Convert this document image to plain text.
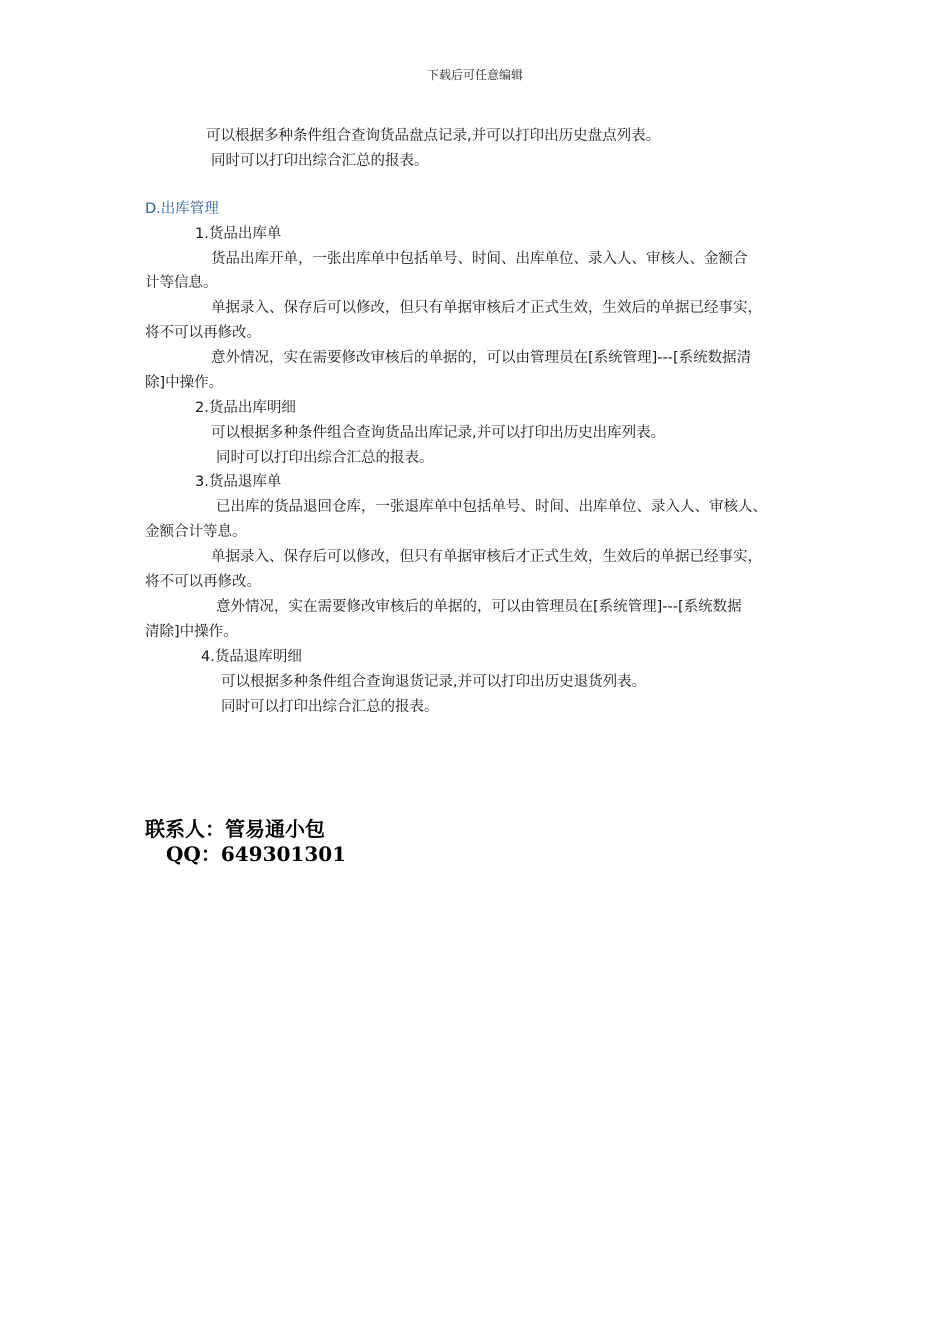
下载后可任意编辑
可以根据多种条件组合查询货品盘点记录,并可以打印出历史盘点列表。
同时可以打印出综合汇总的报表。
D.出库管理
1.货品出库单
货品出库开单，一张出库单中包括单号、时间、出库单位、录入人、审核人、金额合
计等信息。
单据录入、保存后可以修改，但只有单据审核后才正式生效，生效后的单据已经事实，
将不可以再修改。
意外情况，实在需要修改审核后的单据的，可以由管理员在[系统管理]---[系统数据清
除]中操作。
2.货品出库明细
可以根据多种条件组合查询货品出库记录,并可以打印出历史出库列表。
同时可以打印出综合汇总的报表。
3.货品退库单
已出库的货品退回仓库，一张退库单中包括单号、时间、出库单位、录入人、审核人、
金额合计等息。
单据录入、保存后可以修改，但只有单据审核后才正式生效，生效后的单据已经事实，
将不可以再修改。
意外情况，实在需要修改审核后的单据的，可以由管理员在[系统管理]---[系统数据
清除]中操作。
4.货品退库明细
可以根据多种条件组合查询退货记录,并可以打印出历史退货列表。
同时可以打印出综合汇总的报表。
联系人：管易通小包
QQ：649301301
